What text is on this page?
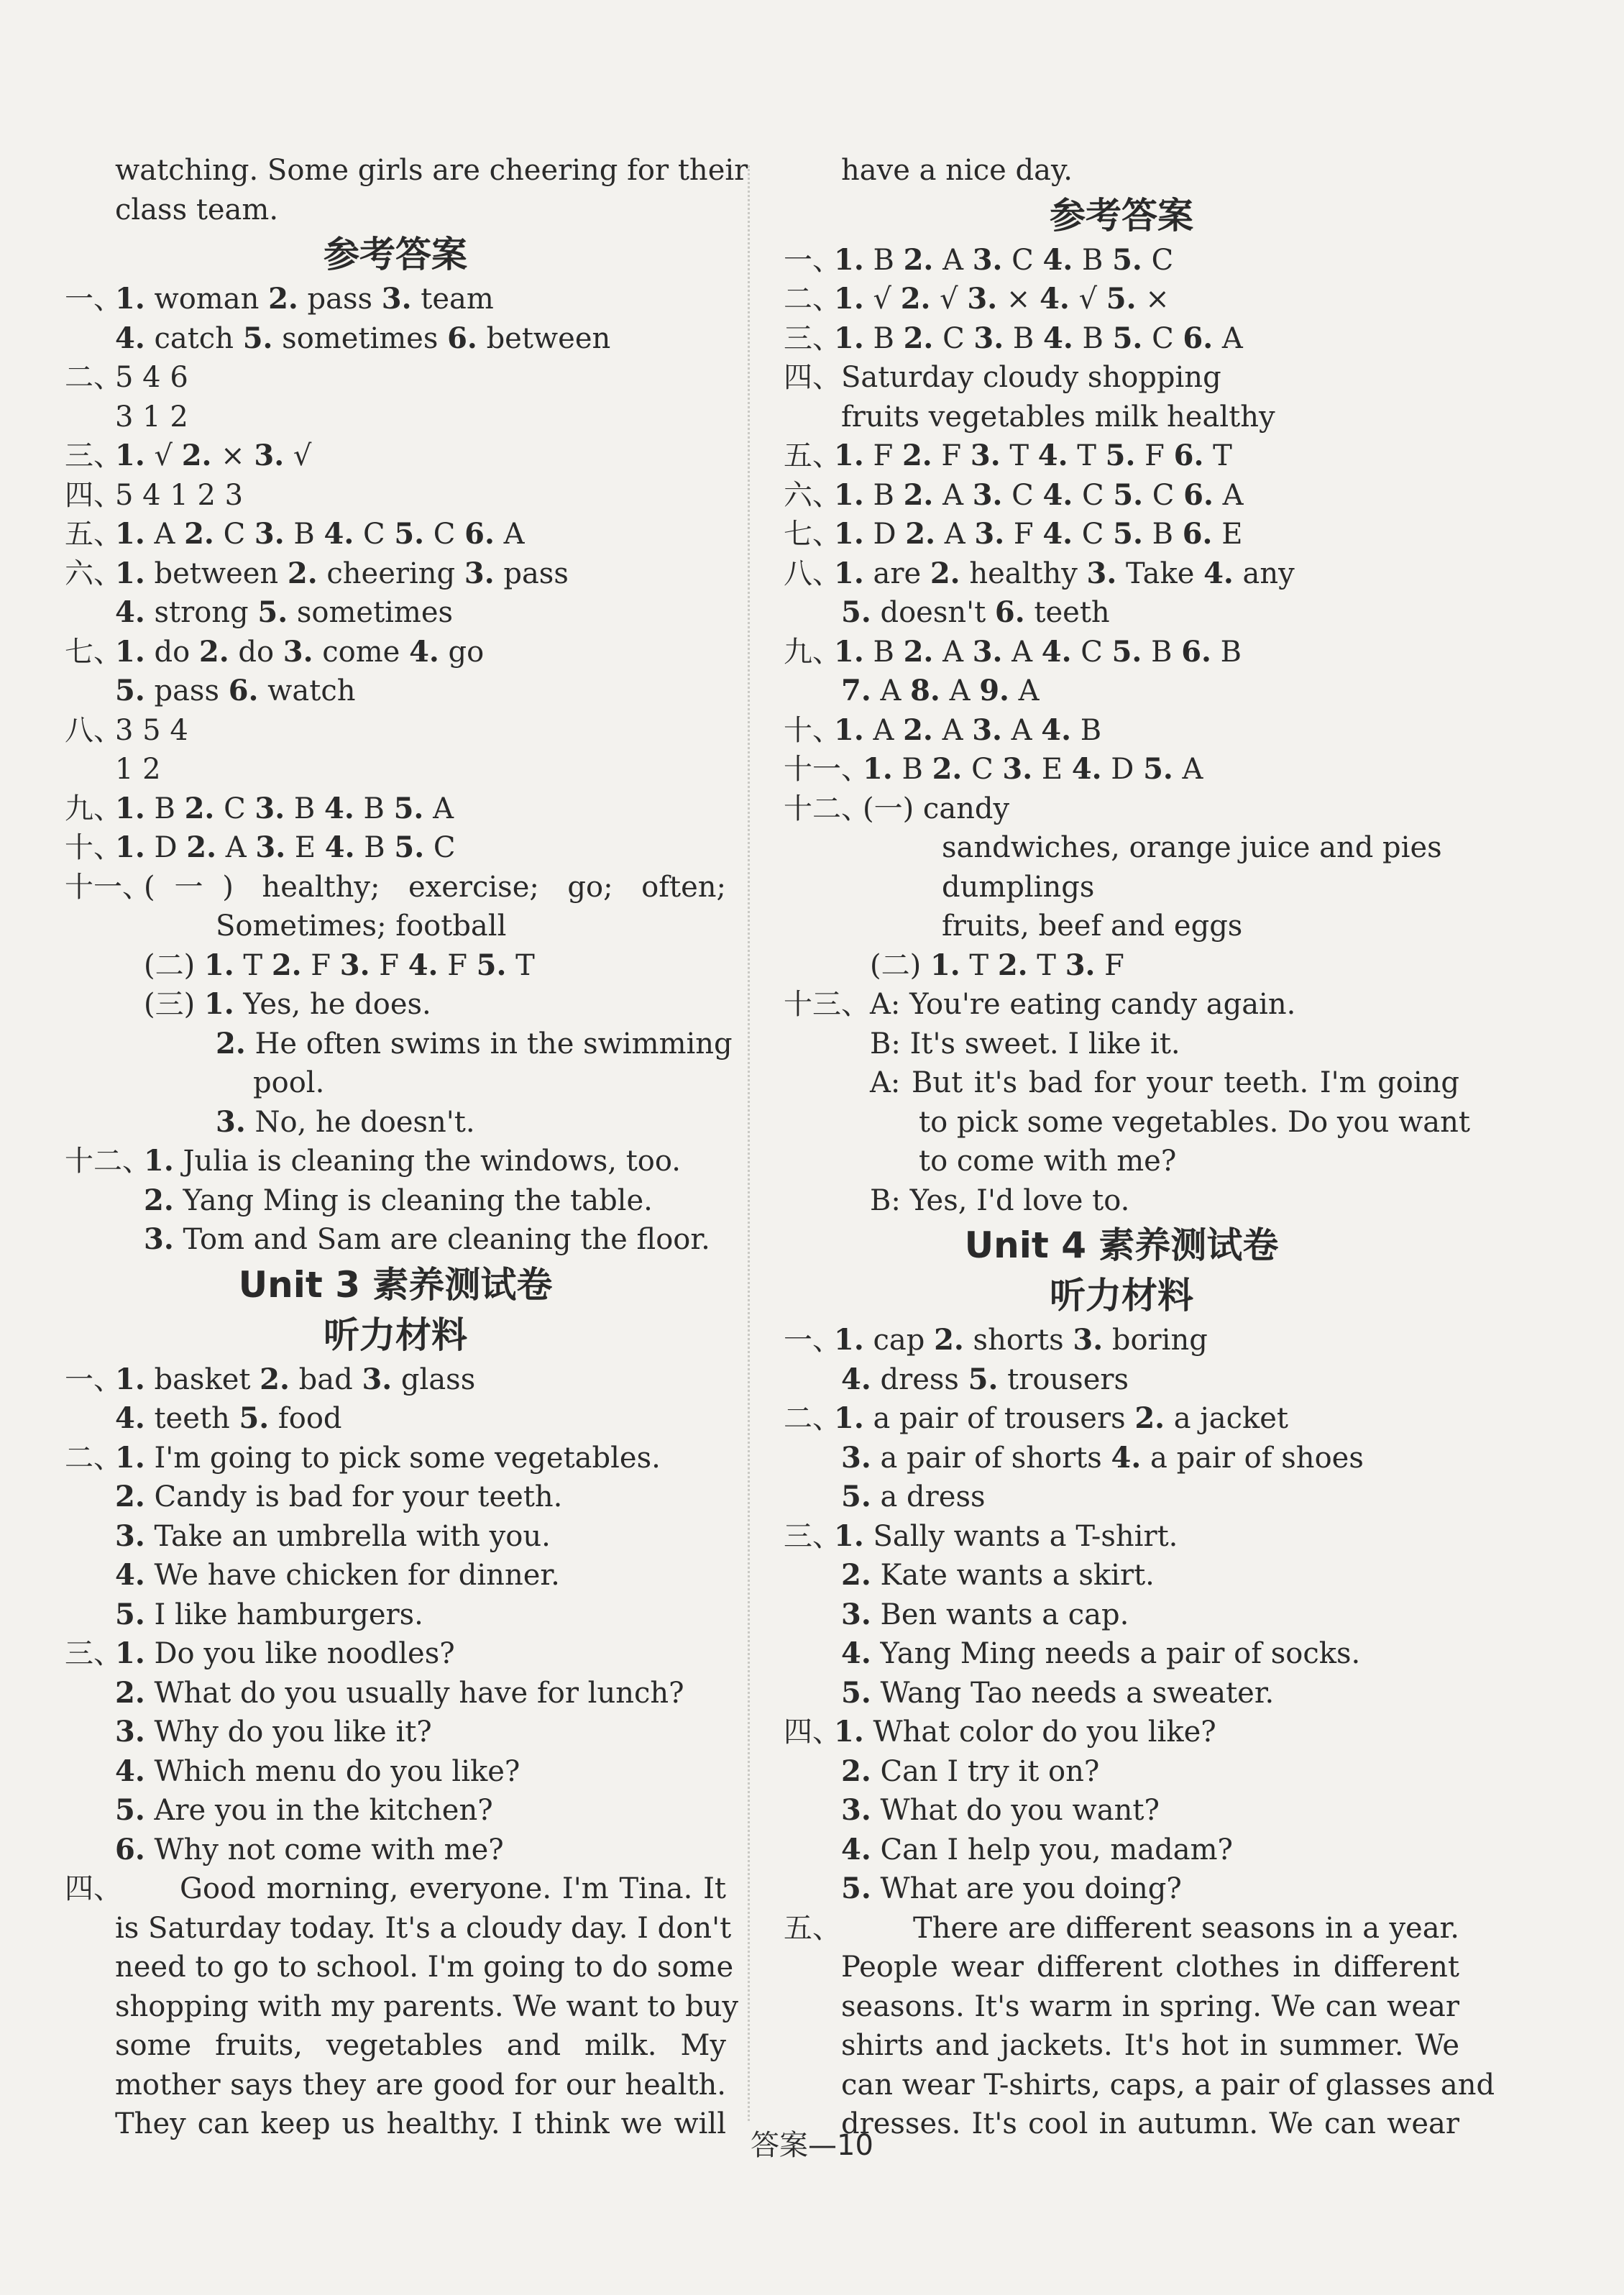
watching. Some girls are cheering for their
class team.
参考答案
一、
1. woman 2. pass 3. team
4. catch 5. sometimes 6. between
二、
5 4 6
3 1 2
三、
1. √ 2. × 3. √
四、
5 4 1 2 3
五、
1. A 2. C 3. B 4. C 5. C 6. A
六、
1. between 2. cheering 3. pass
4. strong 5. sometimes
七、
1. do 2. do 3. come 4. go
5. pass 6. watch
八、
3 5 4
1 2
九、
1. B 2. C 3. B 4. B 5. A
十、
1. D 2. A 3. E 4. B 5. C
十一、
(一) healthy; exercise; go; often;
Sometimes; football
(二) 1. T 2. F 3. F 4. F 5. T
(三) 1. Yes, he does.
2. He often swims in the swimming
pool.
3. No, he doesn't.
十二、
1. Julia is cleaning the windows, too.
2. Yang Ming is cleaning the table.
3. Tom and Sam are cleaning the floor.
Unit 3 素养测试卷
听力材料
一、
1. basket 2. bad 3. glass
4. teeth 5. food
二、
1. I'm going to pick some vegetables.
2. Candy is bad for your teeth.
3. Take an umbrella with you.
4. We have chicken for dinner.
5. I like hamburgers.
三、
1. Do you like noodles?
2. What do you usually have for lunch?
3. Why do you like it?
4. Which menu do you like?
5. Are you in the kitchen?
6. Why not come with me?
四、 Good morning, everyone. I'm Tina. It
is Saturday today. It's a cloudy day. I don't
need to go to school. I'm going to do some
shopping with my parents. We want to buy
some fruits, vegetables and milk. My
mother says they are good for our health.
They can keep us healthy. I think we will
have a nice day.
参考答案
一、
1. B 2. A 3. C 4. B 5. C
二、
1. √ 2. √ 3. × 4. √ 5. ×
三、
1. B 2. C 3. B 4. B 5. C 6. A
四、 Saturday cloudy shopping
fruits vegetables milk healthy
五、
1. F 2. F 3. T 4. T 5. F 6. T
六、
1. B 2. A 3. C 4. C 5. C 6. A
七、
1. D 2. A 3. F 4. C 5. B 6. E
八、
1. are 2. healthy 3. Take 4. any
5. doesn't 6. teeth
九、
1. B 2. A 3. A 4. C 5. B 6. B
7. A 8. A 9. A
十、
1. A 2. A 3. A 4. B
十一、
1. B 2. C 3. E 4. D 5. A
十二、
(一) candy
sandwiches, orange juice and pies
dumplings
fruits, beef and eggs
(二) 1. T 2. T 3. F
十三、 A: You're eating candy again.
B: It's sweet. I like it.
A: But it's bad for your teeth. I'm going
to pick some vegetables. Do you want
to come with me?
B: Yes, I'd love to.
Unit 4 素养测试卷
听力材料
一、
1. cap 2. shorts 3. boring
4. dress 5. trousers
二、
1. a pair of trousers 2. a jacket
3. a pair of shorts 4. a pair of shoes
5. a dress
三、
1. Sally wants a T-shirt.
2. Kate wants a skirt.
3. Ben wants a cap.
4. Yang Ming needs a pair of socks.
5. Wang Tao needs a sweater.
四、
1. What color do you like?
2. Can I try it on?
3. What do you want?
4. Can I help you, madam?
5. What are you doing?
五、	There are different seasons in a year.
People wear different clothes in different
seasons. It's warm in spring. We can wear
shirts and jackets. It's hot in summer. We
can wear T-shirts, caps, a pair of glasses and
dresses. It's cool in autumn. We can wear
答案—10
